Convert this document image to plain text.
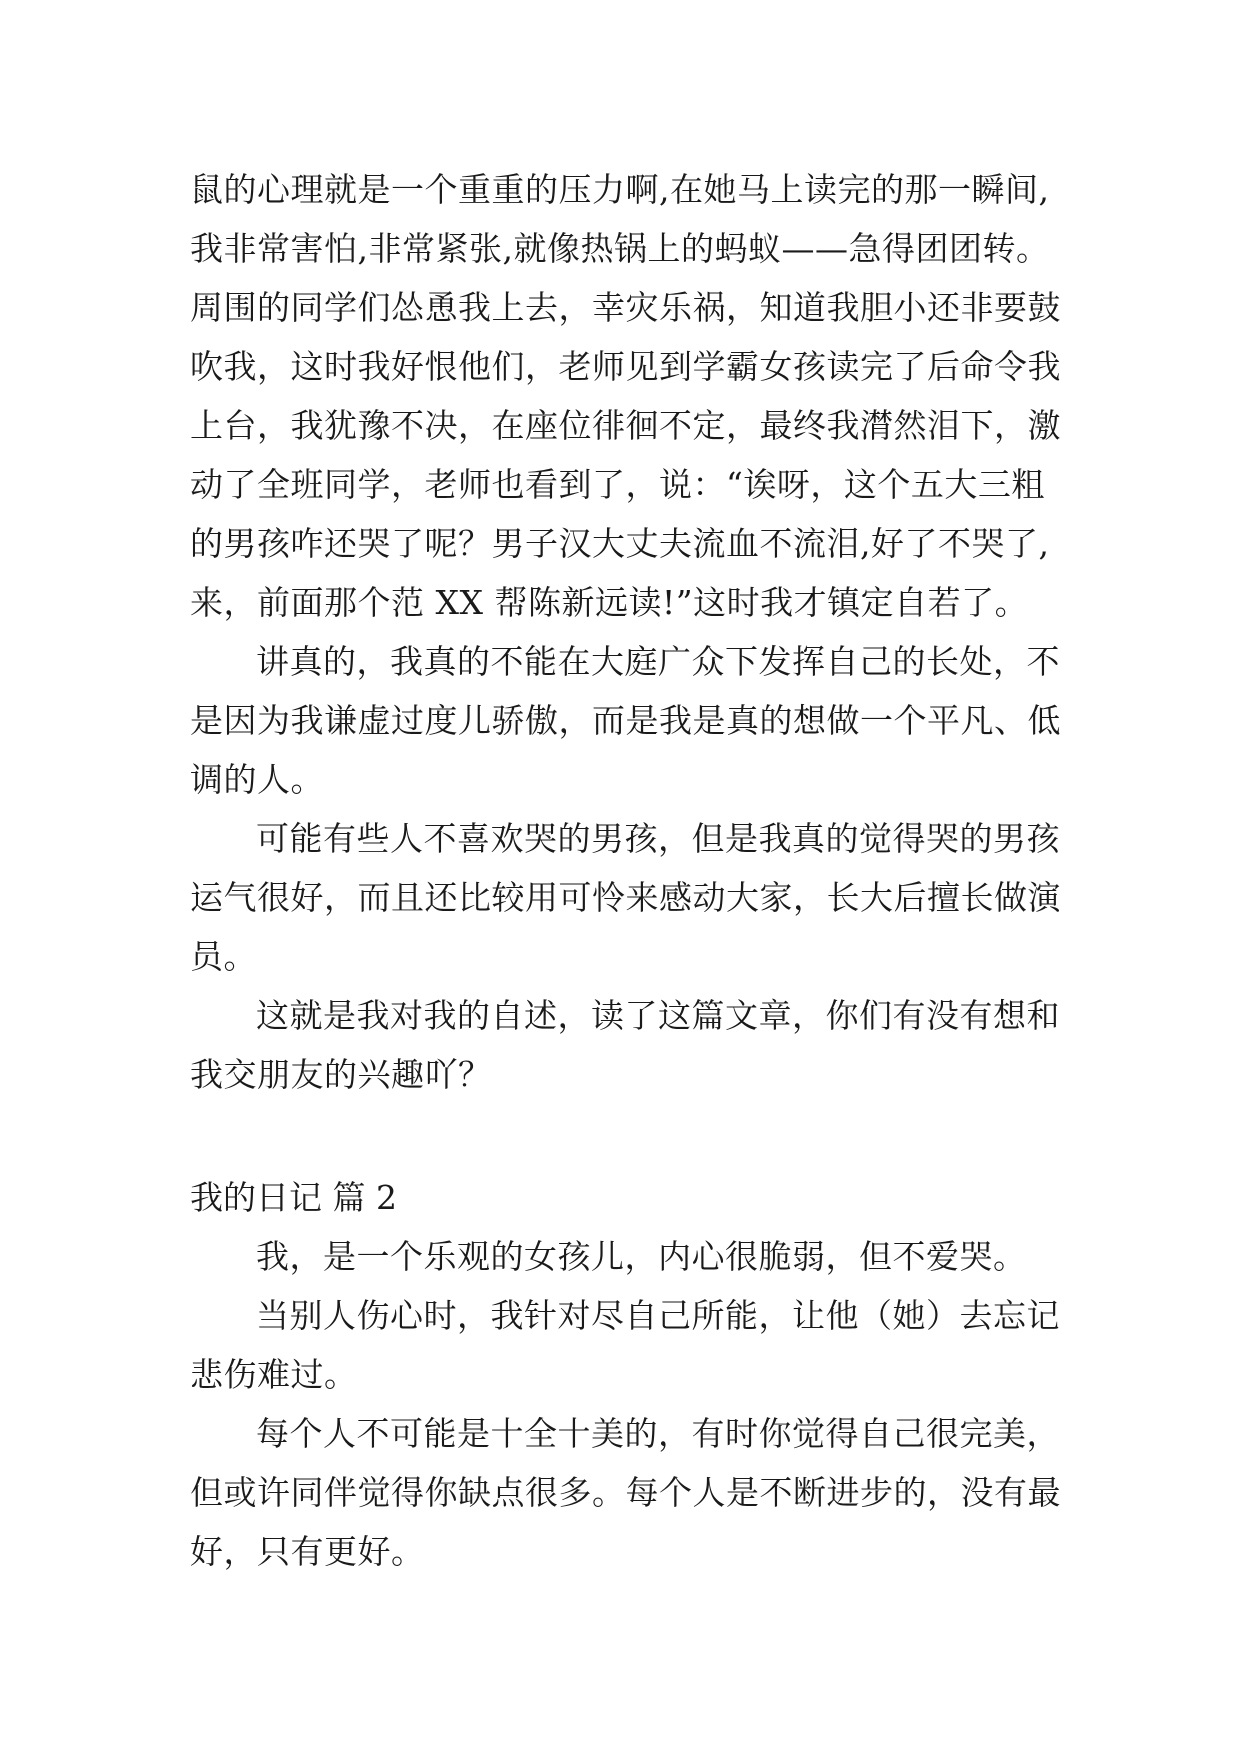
鼠的心理就是一个重重的压力啊,在她马上读完的那一瞬间,
我非常害怕,非常紧张,就像热锅上的蚂蚁——急得团团转。
周围的同学们怂恿我上去，幸灾乐祸，知道我胆小还非要鼓
吹我，这时我好恨他们，老师见到学霸女孩读完了后命令我
上台，我犹豫不决，在座位徘徊不定，最终我潸然泪下，激
动了全班同学，老师也看到了，说：“诶呀，这个五大三粗
的男孩咋还哭了呢？男子汉大丈夫流血不流泪,好了不哭了,
来，前面那个范 XX 帮陈新远读!”这时我才镇定自若了。
讲真的，我真的不能在大庭广众下发挥自己的长处，不
是因为我谦虚过度儿骄傲，而是我是真的想做一个平凡、低
调的人。
可能有些人不喜欢哭的男孩，但是我真的觉得哭的男孩
运气很好，而且还比较用可怜来感动大家，长大后擅长做演
员。
这就是我对我的自述，读了这篇文章，你们有没有想和
我交朋友的兴趣吖？
我的日记 篇 2
我，是一个乐观的女孩儿，内心很脆弱，但不爱哭。
当别人伤心时，我针对尽自己所能，让他（她）去忘记
悲伤难过。
每个人不可能是十全十美的，有时你觉得自己很完美，
但或许同伴觉得你缺点很多。每个人是不断进步的，没有最
好，只有更好。
